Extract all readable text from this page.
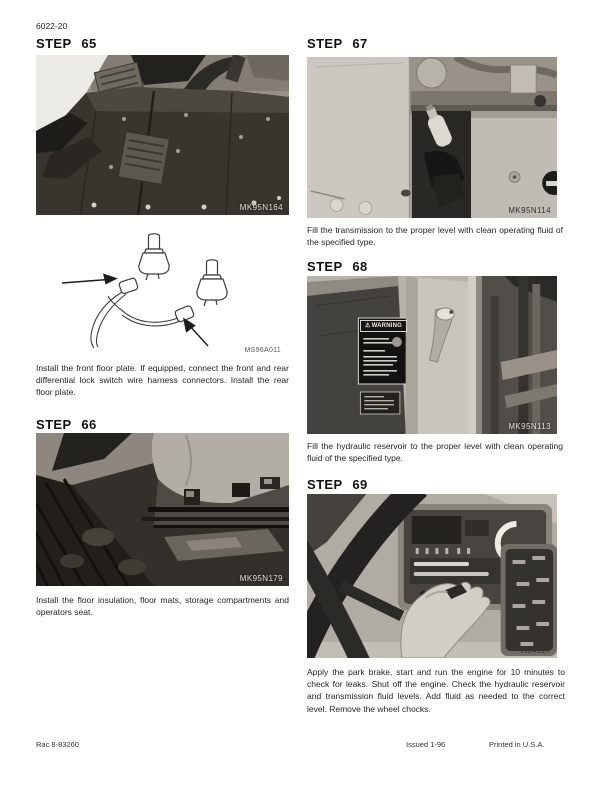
6022-20
STEP 65
MK95N164
MS96A011
Install the front floor plate. If equipped, connect the front and rear differential lock switch wire harness connectors. Install the rear floor plate.
STEP 66
MK95N179
Install the floor insulation, floor mats, storage compartments and operators seat.
STEP 67
MK95N114
Fill the transmission to the proper level with clean operating fluid of the specified type.
STEP 68
⚠ WARNING
MK95N113
Fill the hydraulic reservoir to the proper level with clean operating fluid of the specified type.
STEP 69
A14127
Apply the park brake, start and run the engine for 10 minutes to check for leaks. Shut off the engine. Check the hydraulic reservoir and transmission fluid levels. Add fluid as needed to the correct level. Remove the wheel chocks.
Rac 8-83260	Issued 1-96	Printed in U.S.A.
